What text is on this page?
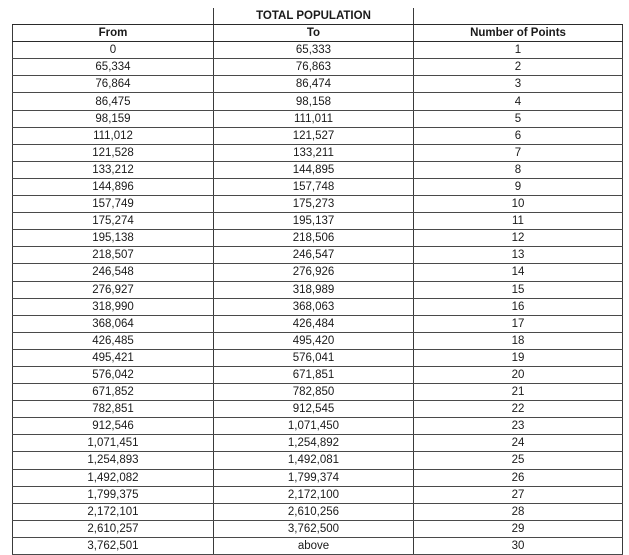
	TOTAL POPULATION	
From	To	Number of Points
0	65,333	1
65,334	76,863	2
76,864	86,474	3
86,475	98,158	4
98,159	111,011	5
111,012	121,527	6
121,528	133,211	7
133,212	144,895	8
144,896	157,748	9
157,749	175,273	10
175,274	195,137	11
195,138	218,506	12
218,507	246,547	13
246,548	276,926	14
276,927	318,989	15
318,990	368,063	16
368,064	426,484	17
426,485	495,420	18
495,421	576,041	19
576,042	671,851	20
671,852	782,850	21
782,851	912,545	22
912,546	1,071,450	23
1,071,451	1,254,892	24
1,254,893	1,492,081	25
1,492,082	1,799,374	26
1,799,375	2,172,100	27
2,172,101	2,610,256	28
2,610,257	3,762,500	29
3,762,501	above	30
